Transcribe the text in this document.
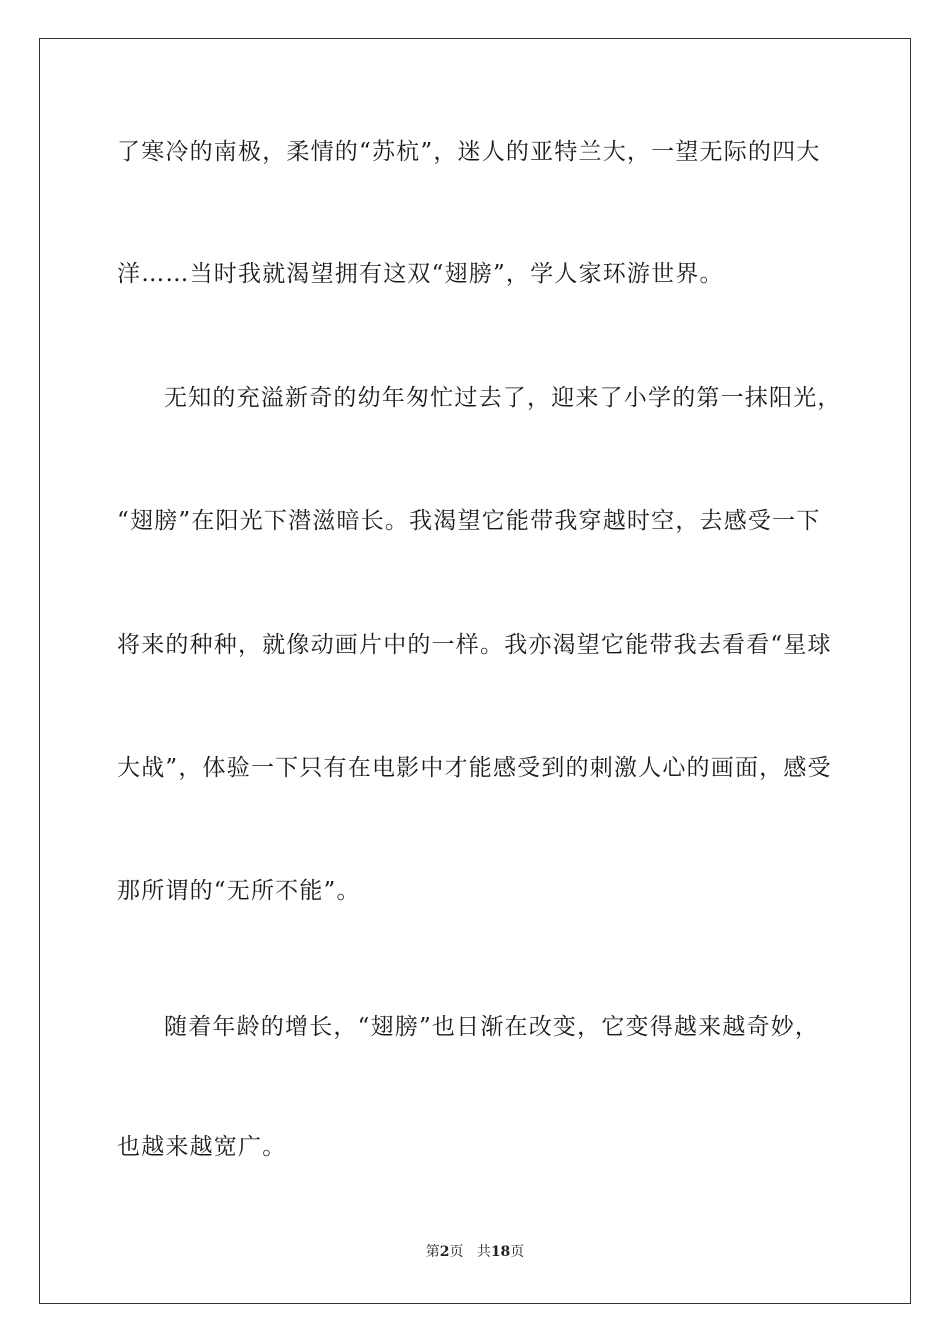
了寒冷的南极，柔情的“苏杭”，迷人的亚特兰大，一望无际的四大
洋……当时我就渴望拥有这双“翅膀”，学人家环游世界。
无知的充溢新奇的幼年匆忙过去了，迎来了小学的第一抹阳光，
“翅膀”在阳光下潜滋暗长。我渴望它能带我穿越时空，去感受一下
将来的种种，就像动画片中的一样。我亦渴望它能带我去看看“星球
大战”，体验一下只有在电影中才能感受到的刺激人心的画面，感受
那所谓的“无所不能”。
随着年龄的增长，“翅膀”也日渐在改变，它变得越来越奇妙，
也越来越宽广。
第2页 共18页
